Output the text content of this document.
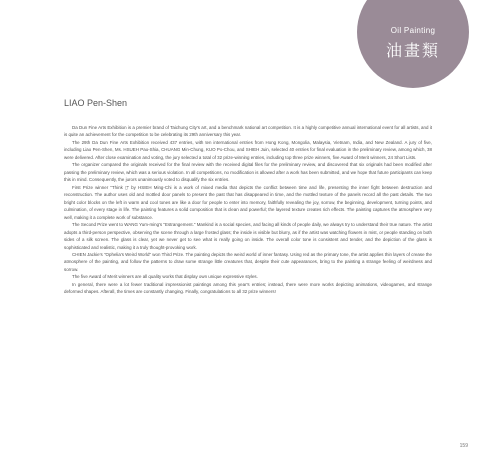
Oil Painting
油畫類
LIAO Pen-Shen

Da Dun Fine Arts Exhibition is a premier brand of Taichung City's art, and a benchmark national art competition. It is a highly competitive annual international event for all artists, and it is quite an achievement for the competition to be celebrating its 29th anniversary this year.

The 29th Da Dun Fine Arts Exhibition received 437 entries, with ten international entries from Hong Kong, Mongolia, Malaysia, Vietnam, India, and New Zealand. A jury of five, including Liao Pen-Shen, Ms. HSUEH Pao-Shia, CHUANG Min-Chung, KUO Po-Chou, and SHIEH Juin, selected 40 entries for final evaluation in the preliminary review, among which, 38 were delivered. After close examination and voting, the jury selected a total of 32 prize-winning entries, including top three prize winners, five Award of Merit winners, 24 Short Lists.

The organizer compared the originals received for the final review with the received digital files for the preliminary review, and discovered that six originals had been modified after passing the preliminary review, which was a serious violation. In all competitions, no modification is allowed after a work has been submitted, and we hope that future participants can keep this in mind. Consequently, the jurors unanimously voted to disqualify the six entries.

First Prize winner "Think ▯" by HSIEH Ming-Chi is a work of mixed media that depicts the conflict between time and life, presenting the inner fight between destruction and reconstruction. The author uses old and mottled door panels to present the past that has disappeared in time, and the mottled texture of the panels record all the past details. The two bright color blocks on the left in warm and cool tones are like a door for people to enter into memory, faithfully revealing the joy, sorrow, the beginning, development, turning points, and culmination, of every stage in life. The painting features a solid composition that is clean and powerful; the layered texture creates rich effects. The painting captures the atmosphere very well, making it a complete work of substance.

The Second Prize went to WANG Yum-ming's "Estrangement." Mankind is a social species, and facing all kinds of people daily, we always try to understand their true nature. The artist adopts a third-person perspective, observing the scene through a large frosted glass; the inside is visible but blurry, as if the artist was watching flowers in mist, or people standing on both sides of a silk screen. The glass is clear, yet we never get to see what is really going on inside. The overall color tone is consistent and tender, and the depiction of the glass is sophisticated and realistic, making it a truly thought-provoking work.

CHIEN Jackie's "Ophelia's Weird World" won Third Prize. The painting depicts the weird world of inner fantasy. Using red as the primary tone, the artist applies thin layers of crease the atmosphere of the painting, and follow the patterns to draw some strange little creatures that, despite their cute appearances, bring to the painting a strange feeling of weirdness and sorrow.

The five Award of Merit winners are all quality works that display own unique expressive styles.

In general, there were a lot fewer traditional impressionist paintings among this year's entries; instead, there were more works depicting animations, videogames, and strange deformed shapes. Afterall, the times are constantly changing. Finally, congratulations to all 32 prize winners!

159
